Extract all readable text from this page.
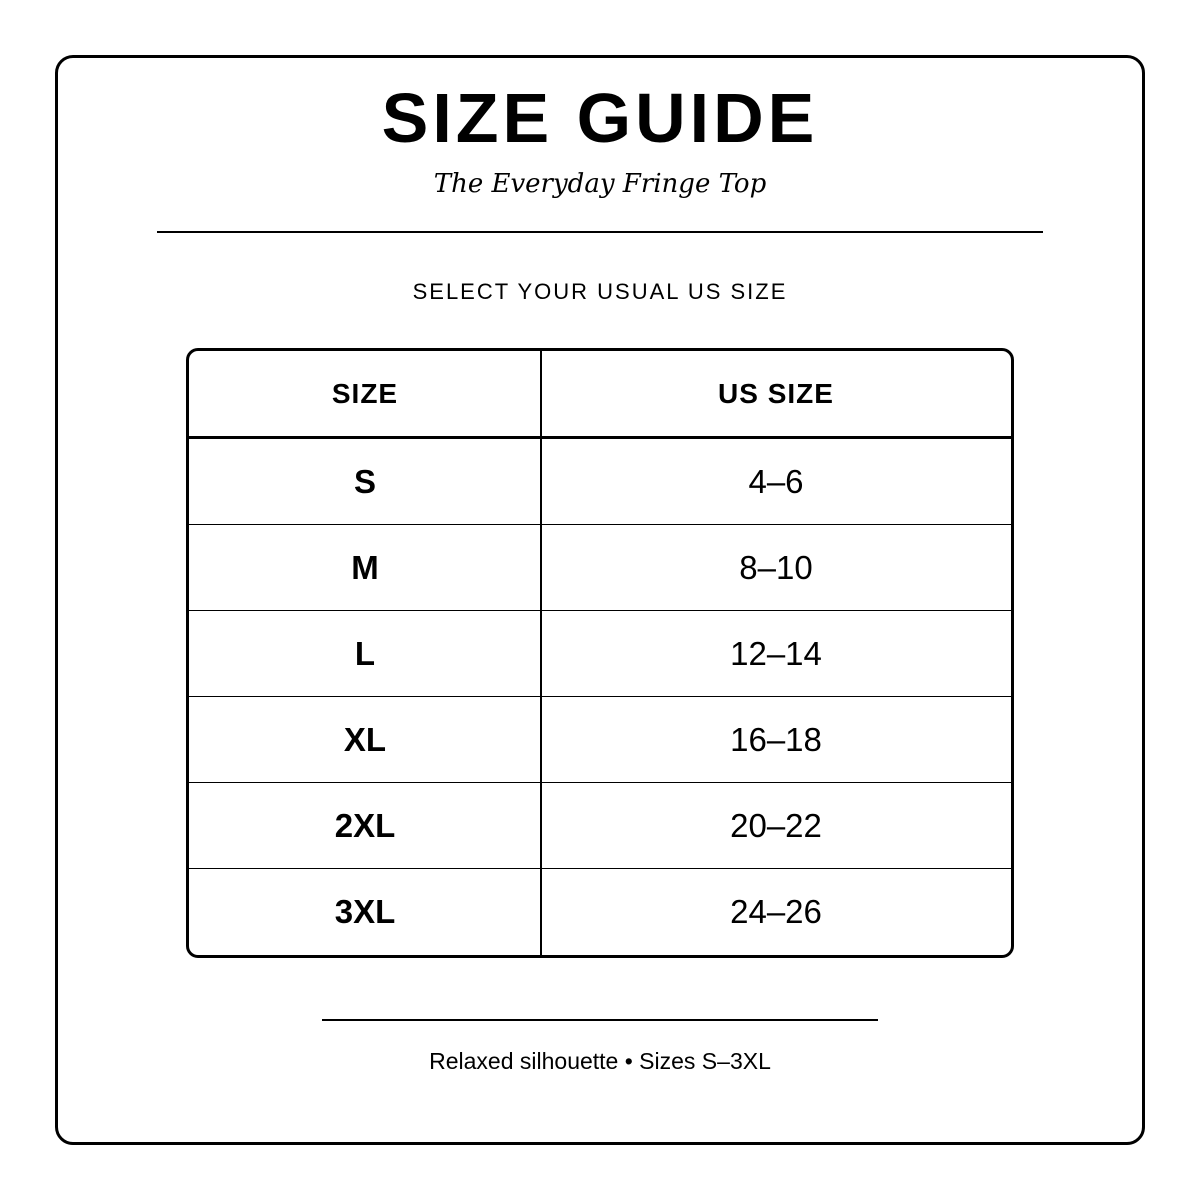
SIZE GUIDE
The Everyday Fringe Top
SELECT YOUR USUAL US SIZE
SIZE	US SIZE
S	4–6
M	8–10
L	12–14
XL	16–18
2XL	20–22
3XL	24–26
Relaxed silhouette • Sizes S–3XL
